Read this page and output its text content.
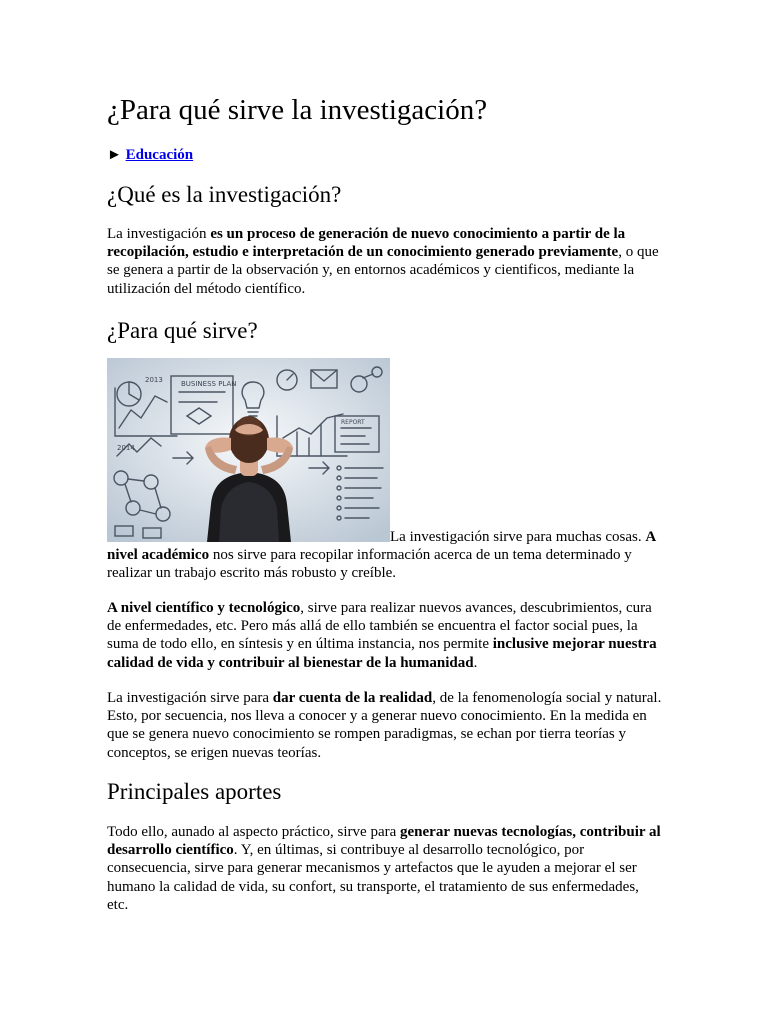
¿Para qué sirve la investigación?
► Educación
¿Qué es la investigación?

La investigación es un proceso de generación de nuevo conocimiento a partir de la recopilación, estudio e interpretación de un conocimiento generado previamente, o que se genera a partir de la observación y, en entornos académicos y cientificos, mediante la utilización del método científico.

¿Para qué sirve?
BUSINESS PLAN
2013
2014
REPORT

La investigación sirve para muchas cosas. A nivel académico nos sirve para recopilar información acerca de un tema determinado y realizar un trabajo escrito más robusto y creíble.

A nivel científico y tecnológico, sirve para realizar nuevos avances, descubrimientos, cura de enfermedades, etc. Pero más allá de ello también se encuentra el factor social pues, la suma de todo ello, en síntesis y en última instancia, nos permite inclusive mejorar nuestra calidad de vida y contribuir al bienestar de la humanidad.

La investigación sirve para dar cuenta de la realidad, de la fenomenología social y natural. Esto, por secuencia, nos lleva a conocer y a generar nuevo conocimiento. En la medida en que se genera nuevo conocimiento se rompen paradigmas, se echan por tierra teorías y conceptos, se erigen nuevas teorías.

Principales aportes

Todo ello, aunado al aspecto práctico, sirve para generar nuevas tecnologías, contribuir al desarrollo científico. Y, en últimas, si contribuye al desarrollo tecnológico, por consecuencia, sirve para generar mecanismos y artefactos que le ayuden a mejorar el ser humano la calidad de vida, su confort, su transporte, el tratamiento de sus enfermedades, etc.
